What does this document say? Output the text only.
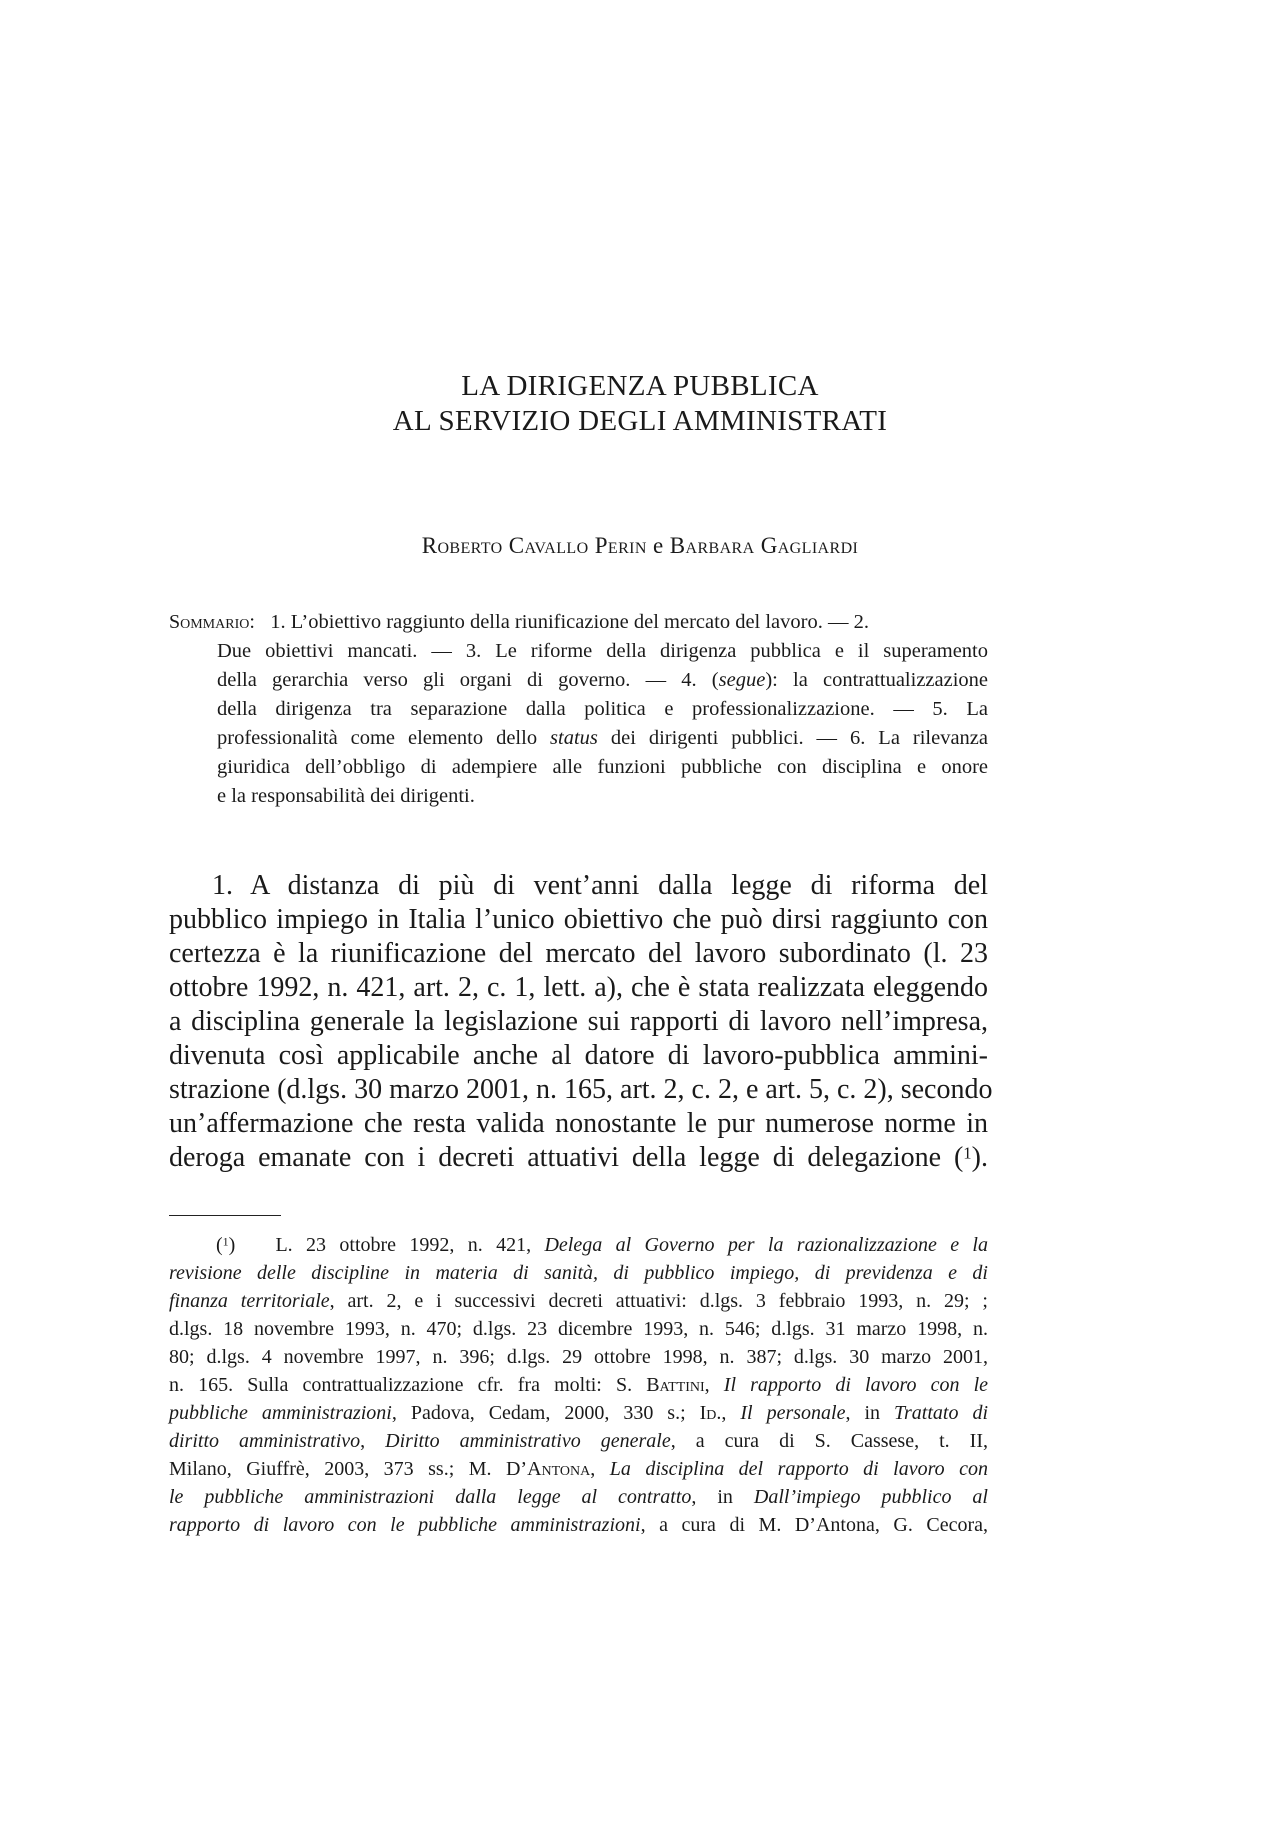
LA DIRIGENZA PUBBLICA
AL SERVIZIO DEGLI AMMINISTRATI
Roberto Cavallo Perin e Barbara Gagliardi
Sommario: 1. L’obiettivo raggiunto della riunificazione del mercato del lavoro. — 2.
Due obiettivi mancati. — 3. Le riforme della dirigenza pubblica e il superamento
della gerarchia verso gli organi di governo. — 4. (segue): la contrattualizzazione
della dirigenza tra separazione dalla politica e professionalizzazione. — 5. La
professionalità come elemento dello status dei dirigenti pubblici. — 6. La rilevanza
giuridica dell’obbligo di adempiere alle funzioni pubbliche con disciplina e onore
e la responsabilità dei dirigenti.
1. A distanza di più di vent’anni dalla legge di riforma del
pubblico impiego in Italia l’unico obiettivo che può dirsi raggiunto con
certezza è la riunificazione del mercato del lavoro subordinato (l. 23
ottobre 1992, n. 421, art. 2, c. 1, lett. a), che è stata realizzata eleggendo
a disciplina generale la legislazione sui rapporti di lavoro nell’impresa,
divenuta così applicabile anche al datore di lavoro-pubblica ammini-
strazione (d.lgs. 30 marzo 2001, n. 165, art. 2, c. 2, e art. 5, c. 2), secondo
un’affermazione che resta valida nonostante le pur numerose norme in
deroga emanate con i decreti attuativi della legge di delegazione ($^1$).
($^1$) L. 23 ottobre 1992, n. 421, Delega al Governo per la razionalizzazione e la
revisione delle discipline in materia di sanità, di pubblico impiego, di previdenza e di
finanza territoriale, art. 2, e i successivi decreti attuativi: d.lgs. 3 febbraio 1993, n. 29; ;
d.lgs. 18 novembre 1993, n. 470; d.lgs. 23 dicembre 1993, n. 546; d.lgs. 31 marzo 1998, n.
80; d.lgs. 4 novembre 1997, n. 396; d.lgs. 29 ottobre 1998, n. 387; d.lgs. 30 marzo 2001,
n. 165. Sulla contrattualizzazione cfr. fra molti: S. Battini, Il rapporto di lavoro con le
pubbliche amministrazioni, Padova, Cedam, 2000, 330 s.; Id., Il personale, in Trattato di
diritto amministrativo, Diritto amministrativo generale, a cura di S. Cassese, t. II,
Milano, Giuffrè, 2003, 373 ss.; M. D’Antona, La disciplina del rapporto di lavoro con
le pubbliche amministrazioni dalla legge al contratto, in Dall’impiego pubblico al
rapporto di lavoro con le pubbliche amministrazioni, a cura di M. D’Antona, G. Cecora,
